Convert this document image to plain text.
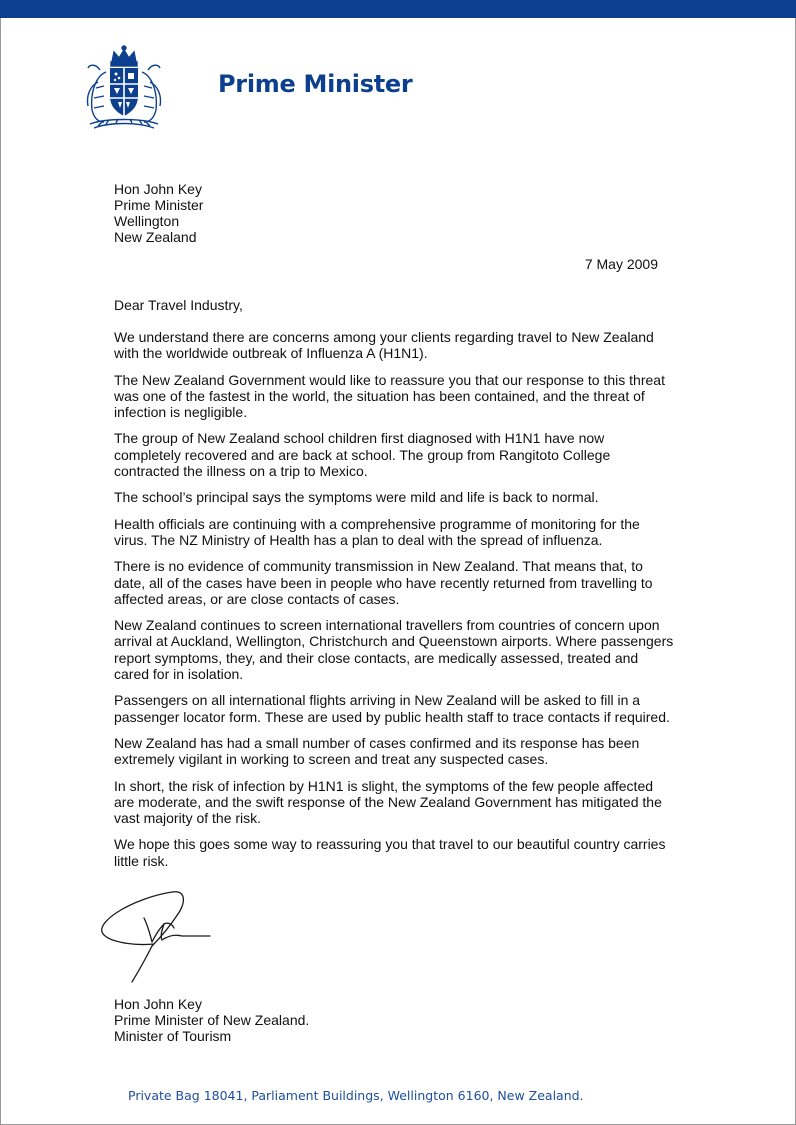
Prime Minister
Hon John Key
Prime Minister
Wellington
New Zealand
7 May 2009
Dear Travel Industry,

We understand there are concerns among your clients regarding travel to New Zealand with the worldwide outbreak of Influenza A (H1N1).

The New Zealand Government would like to reassure you that our response to this threat was one of the fastest in the world, the situation has been contained, and the threat of infection is negligible.

The group of New Zealand school children first diagnosed with H1N1 have now completely recovered and are back at school. The group from Rangitoto College contracted the illness on a trip to Mexico.

The school’s principal says the symptoms were mild and life is back to normal.

Health officials are continuing with a comprehensive programme of monitoring for the virus. The NZ Ministry of Health has a plan to deal with the spread of influenza.

There is no evidence of community transmission in New Zealand. That means that, to date, all of the cases have been in people who have recently returned from travelling to affected areas, or are close contacts of cases.

New Zealand continues to screen international travellers from countries of concern upon arrival at Auckland, Wellington, Christchurch and Queenstown airports. Where passengers report symptoms, they, and their close contacts, are medically assessed, treated and cared for in isolation.

Passengers on all international flights arriving in New Zealand will be asked to fill in a passenger locator form. These are used by public health staff to trace contacts if required.

New Zealand has had a small number of cases confirmed and its response has been extremely vigilant in working to screen and treat any suspected cases.

In short, the risk of infection by H1N1 is slight, the symptoms of the few people affected are moderate, and the swift response of the New Zealand Government has mitigated the vast majority of the risk.

We hope this goes some way to reassuring you that travel to our beautiful country carries little risk.

Hon John Key
Prime Minister of New Zealand.
Minister of Tourism
Private Bag 18041, Parliament Buildings, Wellington 6160, New Zealand.
